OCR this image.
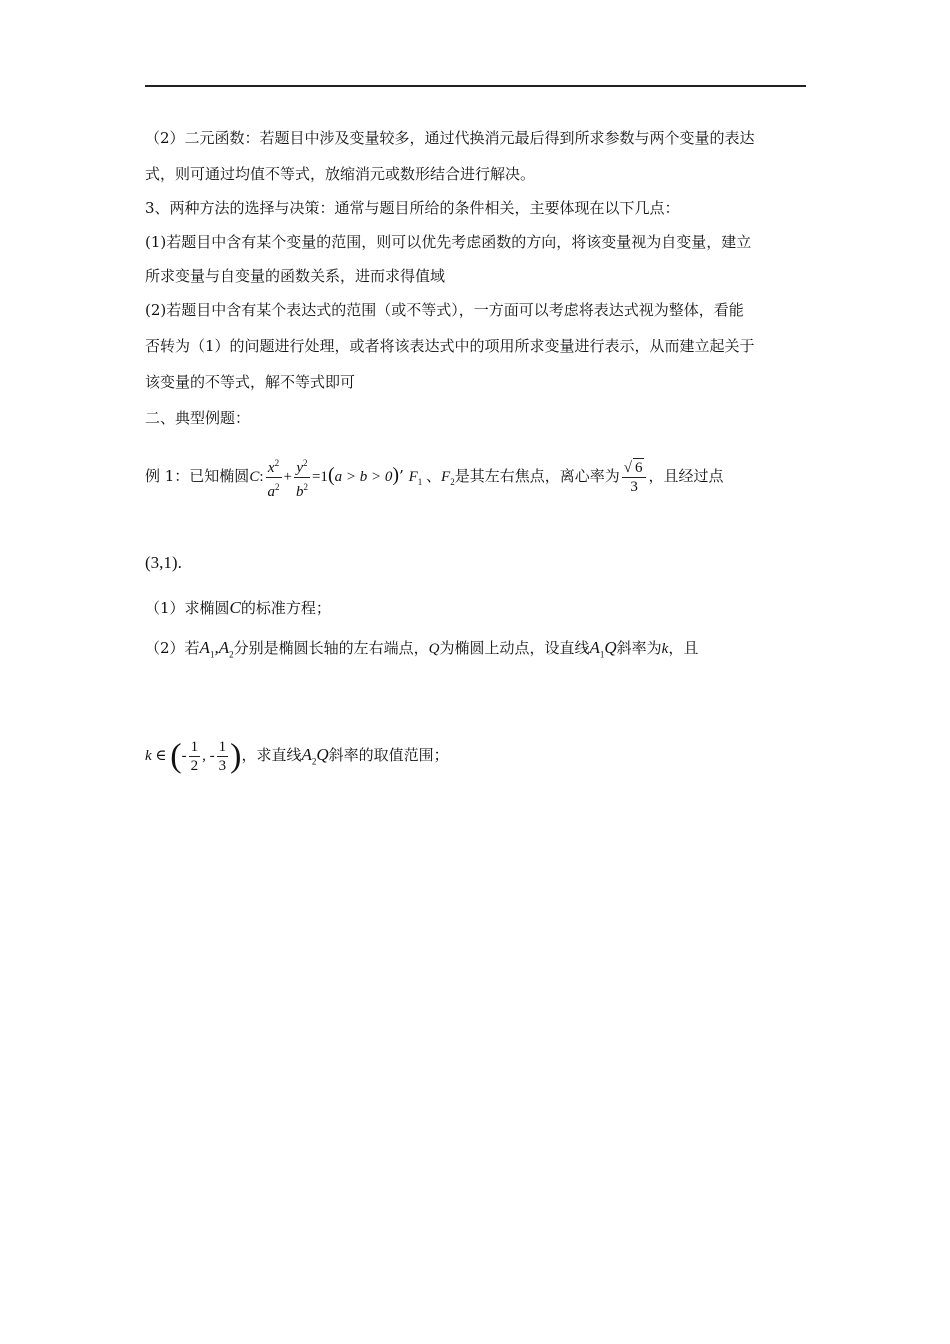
（2）二元函数：若题目中涉及变量较多，通过代换消元最后得到所求参数与两个变量的表达
式，则可通过均值不等式，放缩消元或数形结合进行解决。
3、两种方法的选择与决策：通常与题目所给的条件相关，主要体现在以下几点：
(1)若题目中含有某个变量的范围，则可以优先考虑函数的方向，将该变量视为自变量，建立
所求变量与自变量的函数关系，进而求得值域
(2)若题目中含有某个表达式的范围（或不等式），一方面可以考虑将表达式视为整体，看能
否转为（1）的问题进行处理，或者将该表达式中的项用所求变量进行表示，从而建立起关于
该变量的不等式，解不等式即可
二、典型例题：
例 1：已知椭圆C: $\frac{x^2}{a^2} + \frac{y^2}{b^2} =1(a > b > 0)$’ $F_1$ 、$F_2$是其左右焦点，离心率为 $\frac{√ 6}{3}$ ，且经过点
(3,1).
（1）求椭圆C的标准方程；
（2）若$A_1,A_2$分别是椭圆长轴的左右端点，Q为椭圆上动点，设直线$A_1Q$斜率为k，且
k ∈ (- $\frac{1}{2}$ , - $\frac{1}{3}$ )，求直线$A_2Q$斜率的取值范围；
